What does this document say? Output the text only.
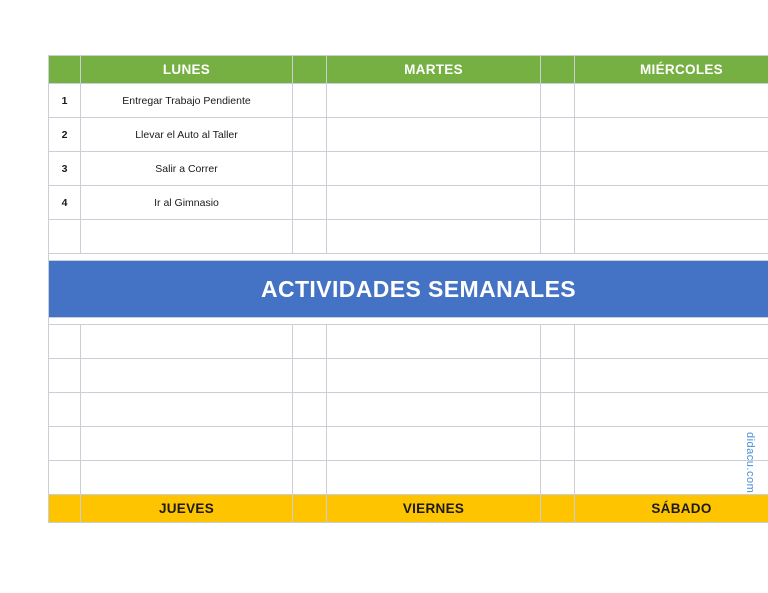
	LUNES		MARTES		MIÉRCOLES
1	Entregar Trabajo Pendiente				
2	Llevar el Auto al Taller				
3	Salir a Correr				
4	Ir al Gimnasio				

ACTIVIDADES SEMANALES					

	JUEVES		VIERNES		SÁBADO
didacu.com
